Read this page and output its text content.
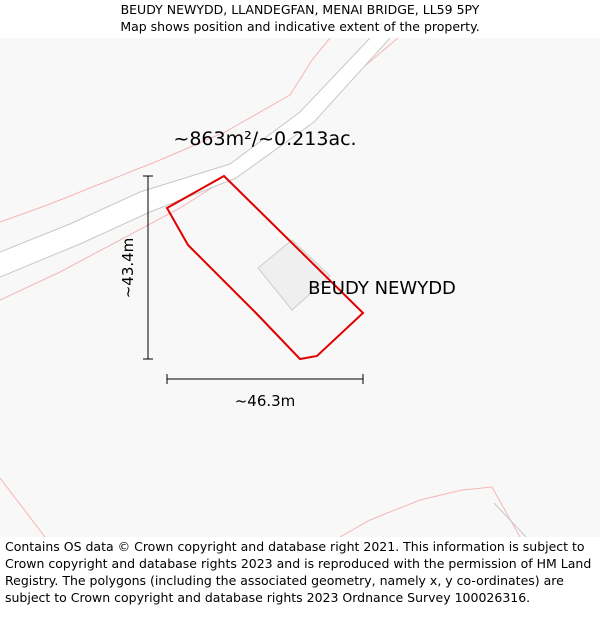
BEUDY NEWYDD, LLANDEGFAN, MENAI BRIDGE, LL59 5PY
Map shows position and indicative extent of the property.
~863m²/~0.213ac.
BEUDY NEWYDD
~43.4m
~46.3m
Contains OS data © Crown copyright and database right 2021. This information is subject to Crown copyright and database rights 2023 and is reproduced with the permission of HM Land Registry. The polygons (including the associated geometry, namely x, y co-ordinates) are subject to Crown copyright and database rights 2023 Ordnance Survey 100026316.
